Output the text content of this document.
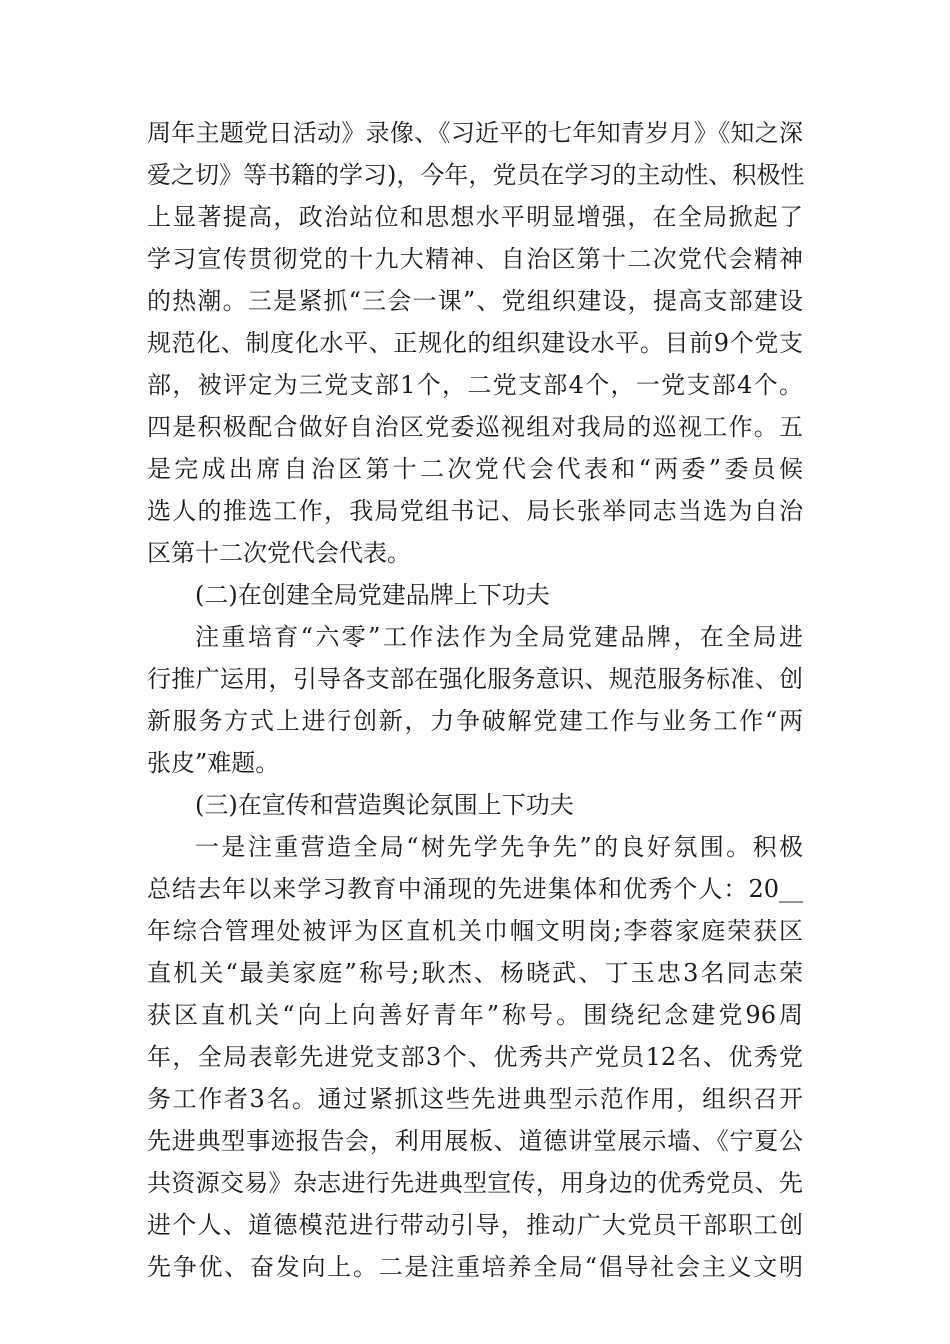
周年主题党日活动》录像、《习近平的七年知青岁月》《知之深
爱之切》等书籍的学习)，今年，党员在学习的主动性、积极性
上显著提高，政治站位和思想水平明显增强，在全局掀起了
学习宣传贯彻党的十九大精神、自治区第十二次党代会精神
的热潮。三是紧抓“三会一课”、党组织建设，提高支部建设
规范化、制度化水平、正规化的组织建设水平。目前9个党支
部，被评定为三党支部1个，二党支部4个，一党支部4个。
四是积极配合做好自治区党委巡视组对我局的巡视工作。五
是完成出席自治区第十二次党代会代表和“两委”委员候
选人的推选工作，我局党组书记、局长张举同志当选为自治
区第十二次党代会代表。
(二)在创建全局党建品牌上下功夫
注重培育“六零”工作法作为全局党建品牌，在全局进
行推广运用，引导各支部在强化服务意识、规范服务标准、创
新服务方式上进行创新，力争破解党建工作与业务工作“两
张皮”难题。
(三)在宣传和营造舆论氛围上下功夫
一是注重营造全局“树先学先争先”的良好氛围。积极
总结去年以来学习教育中涌现的先进集体和优秀个人：20__
年综合管理处被评为区直机关巾帼文明岗;李蓉家庭荣获区
直机关“最美家庭”称号;耿杰、杨晓武、丁玉忠3名同志荣
获区直机关“向上向善好青年”称号。围绕纪念建党96周
年，全局表彰先进党支部3个、优秀共产党员12名、优秀党
务工作者3名。通过紧抓这些先进典型示范作用，组织召开
先进典型事迹报告会，利用展板、道德讲堂展示墙、《宁夏公
共资源交易》杂志进行先进典型宣传，用身边的优秀党员、先
进个人、道德模范进行带动引导，推动广大党员干部职工创
先争优、奋发向上。二是注重培养全局“倡导社会主义文明
